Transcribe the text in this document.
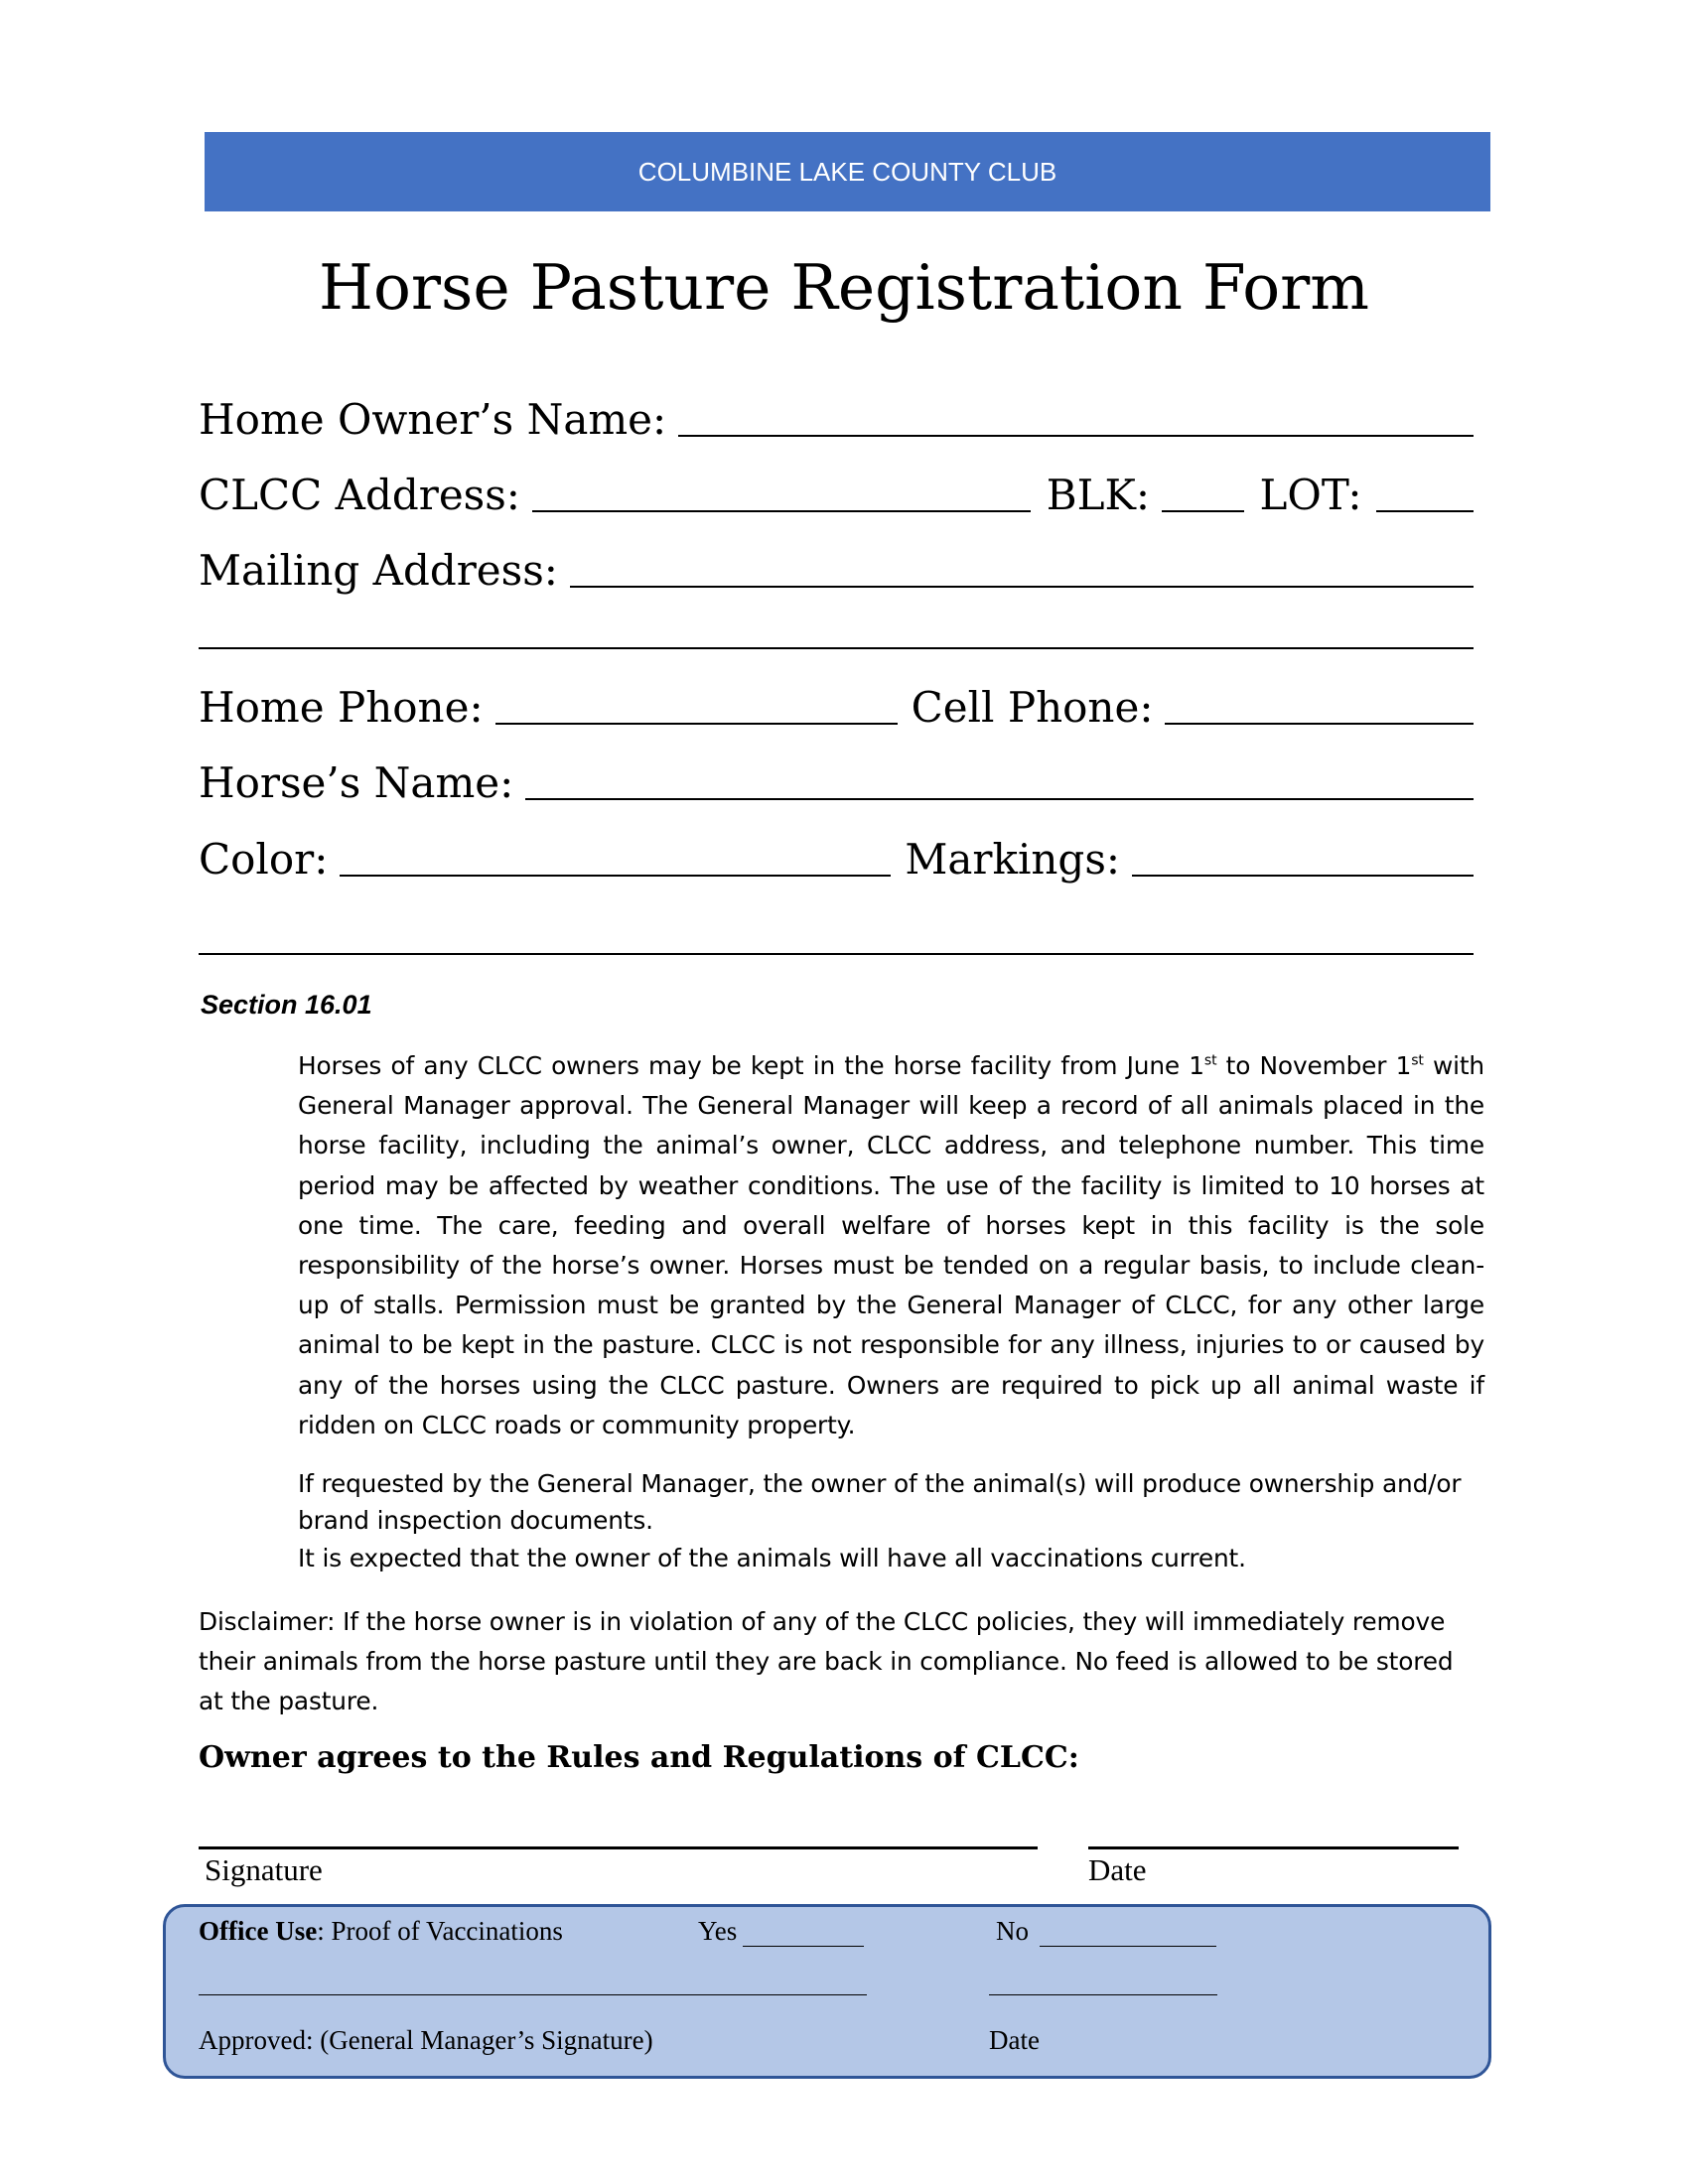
COLUMBINE LAKE COUNTY CLUB
Horse Pasture Registration Form
Home Owner’s Name:
CLCC Address:	BLK:	LOT:
Mailing Address:
Home Phone:	Cell Phone:
Horse’s Name:
Color:	Markings:
Section 16.01
Horses of any CLCC owners may be kept in the horse facility from June 1st to November 1st with General Manager approval. The General Manager will keep a record of all animals placed in the horse facility, including the animal’s owner, CLCC address, and telephone number. This time period may be affected by weather conditions. The use of the facility is limited to 10 horses at one time. The care, feeding and overall welfare of horses kept in this facility is the sole responsibility of the horse’s owner. Horses must be tended on a regular basis, to include clean-up of stalls. Permission must be granted by the General Manager of CLCC, for any other large animal to be kept in the pasture. CLCC is not responsible for any illness, injuries to or caused by any of the horses using the CLCC pasture. Owners are required to pick up all animal waste if ridden on CLCC roads or community property.
If requested by the General Manager, the owner of the animal(s) will produce ownership and/or brand inspection documents.
It is expected that the owner of the animals will have all vaccinations current.
Disclaimer: If the horse owner is in violation of any of the CLCC policies, they will immediately remove their animals from the horse pasture until they are back in compliance. No feed is allowed to be stored at the pasture.
Owner agrees to the Rules and Regulations of CLCC:
Signature	Date
Office Use: Proof of Vaccinations	Yes	No
Approved: (General Manager’s Signature)	Date
